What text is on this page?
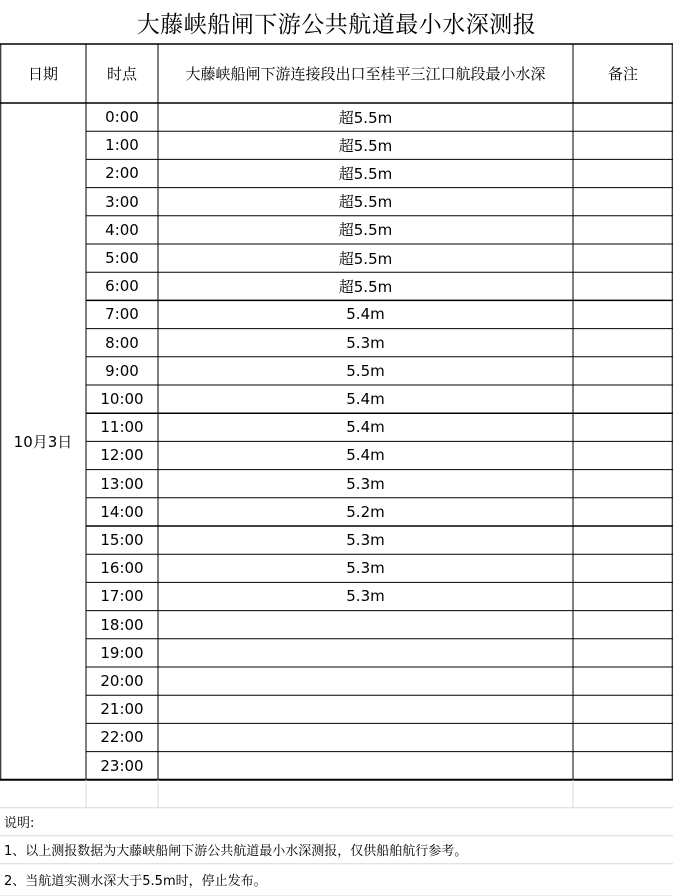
大藤峡船闸下游公共航道最小水深测报
日期	时点	大藤峡船闸下游连接段出口至桂平三江口航段最小水深	备注
10月3日
0:00	超5.5m
1:00	超5.5m
2:00	超5.5m
3:00	超5.5m
4:00	超5.5m
5:00	超5.5m
6:00	超5.5m
7:00	5.4m
8:00	5.3m
9:00	5.5m
10:00	5.4m
11:00	5.4m
12:00	5.4m
13:00	5.3m
14:00	5.2m
15:00	5.3m
16:00	5.3m
17:00	5.3m
18:00
19:00
20:00
21:00
22:00
23:00
说明:
1、以上测报数据为大藤峡船闸下游公共航道最小水深测报，仅供船舶航行参考。
2、当航道实测水深大于5.5m时，停止发布。
